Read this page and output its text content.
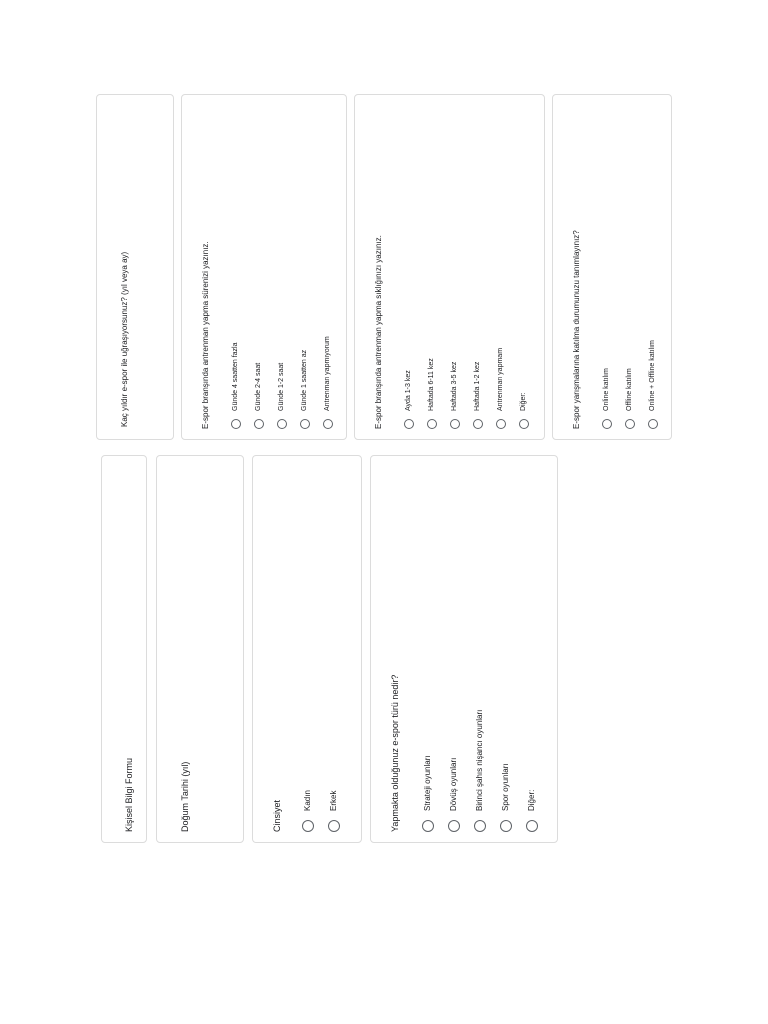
Kişisel Bilgi Formu	Doğum Tarihi (yıl)	Cinsiyet	Kadın Erkek	Yapmakta olduğunuz e-spor türü nedir?	Strateji oyunları Dövüş oyunları Birinci şahıs nişancı oyunları Spor oyunları Diğer:
Kaç yıldır e-spor ile uğraşıyorsunuz? (yıl veya ay)	E-spor branşında antrenman yapma sürenizi yazınız.	Günde 4 saatten fazla Günde 2-4 saat Günde 1-2 saat Günde 1 saatten az Antrenman yapmıyorum	E-spor branşında antrenman yapma sıklığınızı yazınız.	Ayda 1-3 kez Haftada 6-11 kez Haftada 3-5 kez Haftada 1-2 kez Antrenman yapmam Diğer:	E-spor yarışmalarına katılma durumunuzu tanımlayınız?	Online katılım Offline katılım Online + Offline katılım
